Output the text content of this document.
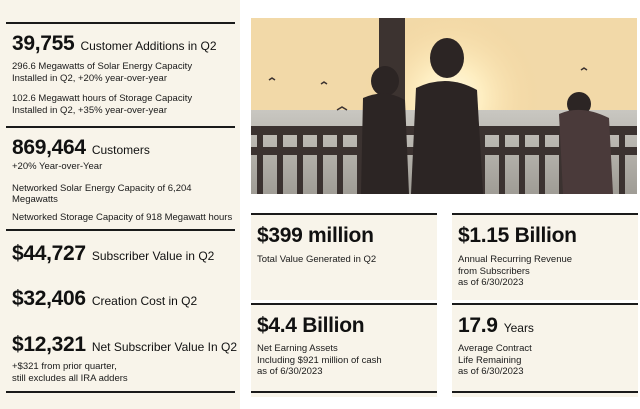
39,755 Customer Additions in Q2
296.6 Megawatts of Solar Energy Capacity
Installed in Q2, +20% year-over-year
102.6 Megawatt hours of Storage Capacity
Installed in Q2, +35% year-over-year
869,464 Customers
+20% Year-over-Year
Networked Solar Energy Capacity of 6,204
Megawatts
Networked Storage Capacity of 918 Megawatt hours
$44,727 Subscriber Value in Q2
$32,406 Creation Cost in Q2
$12,321 Net Subscriber Value In Q2
+$321 from prior quarter,
still excludes all IRA adders
$399 million
Total Value Generated in Q2
$1.15 Billion
Annual Recurring Revenue
from Subscribers
as of 6/30/2023
$4.4 Billion
Net Earning Assets
Including $921 million of cash
as of 6/30/2023
17.9 Years
Average Contract
Life Remaining
as of 6/30/2023
